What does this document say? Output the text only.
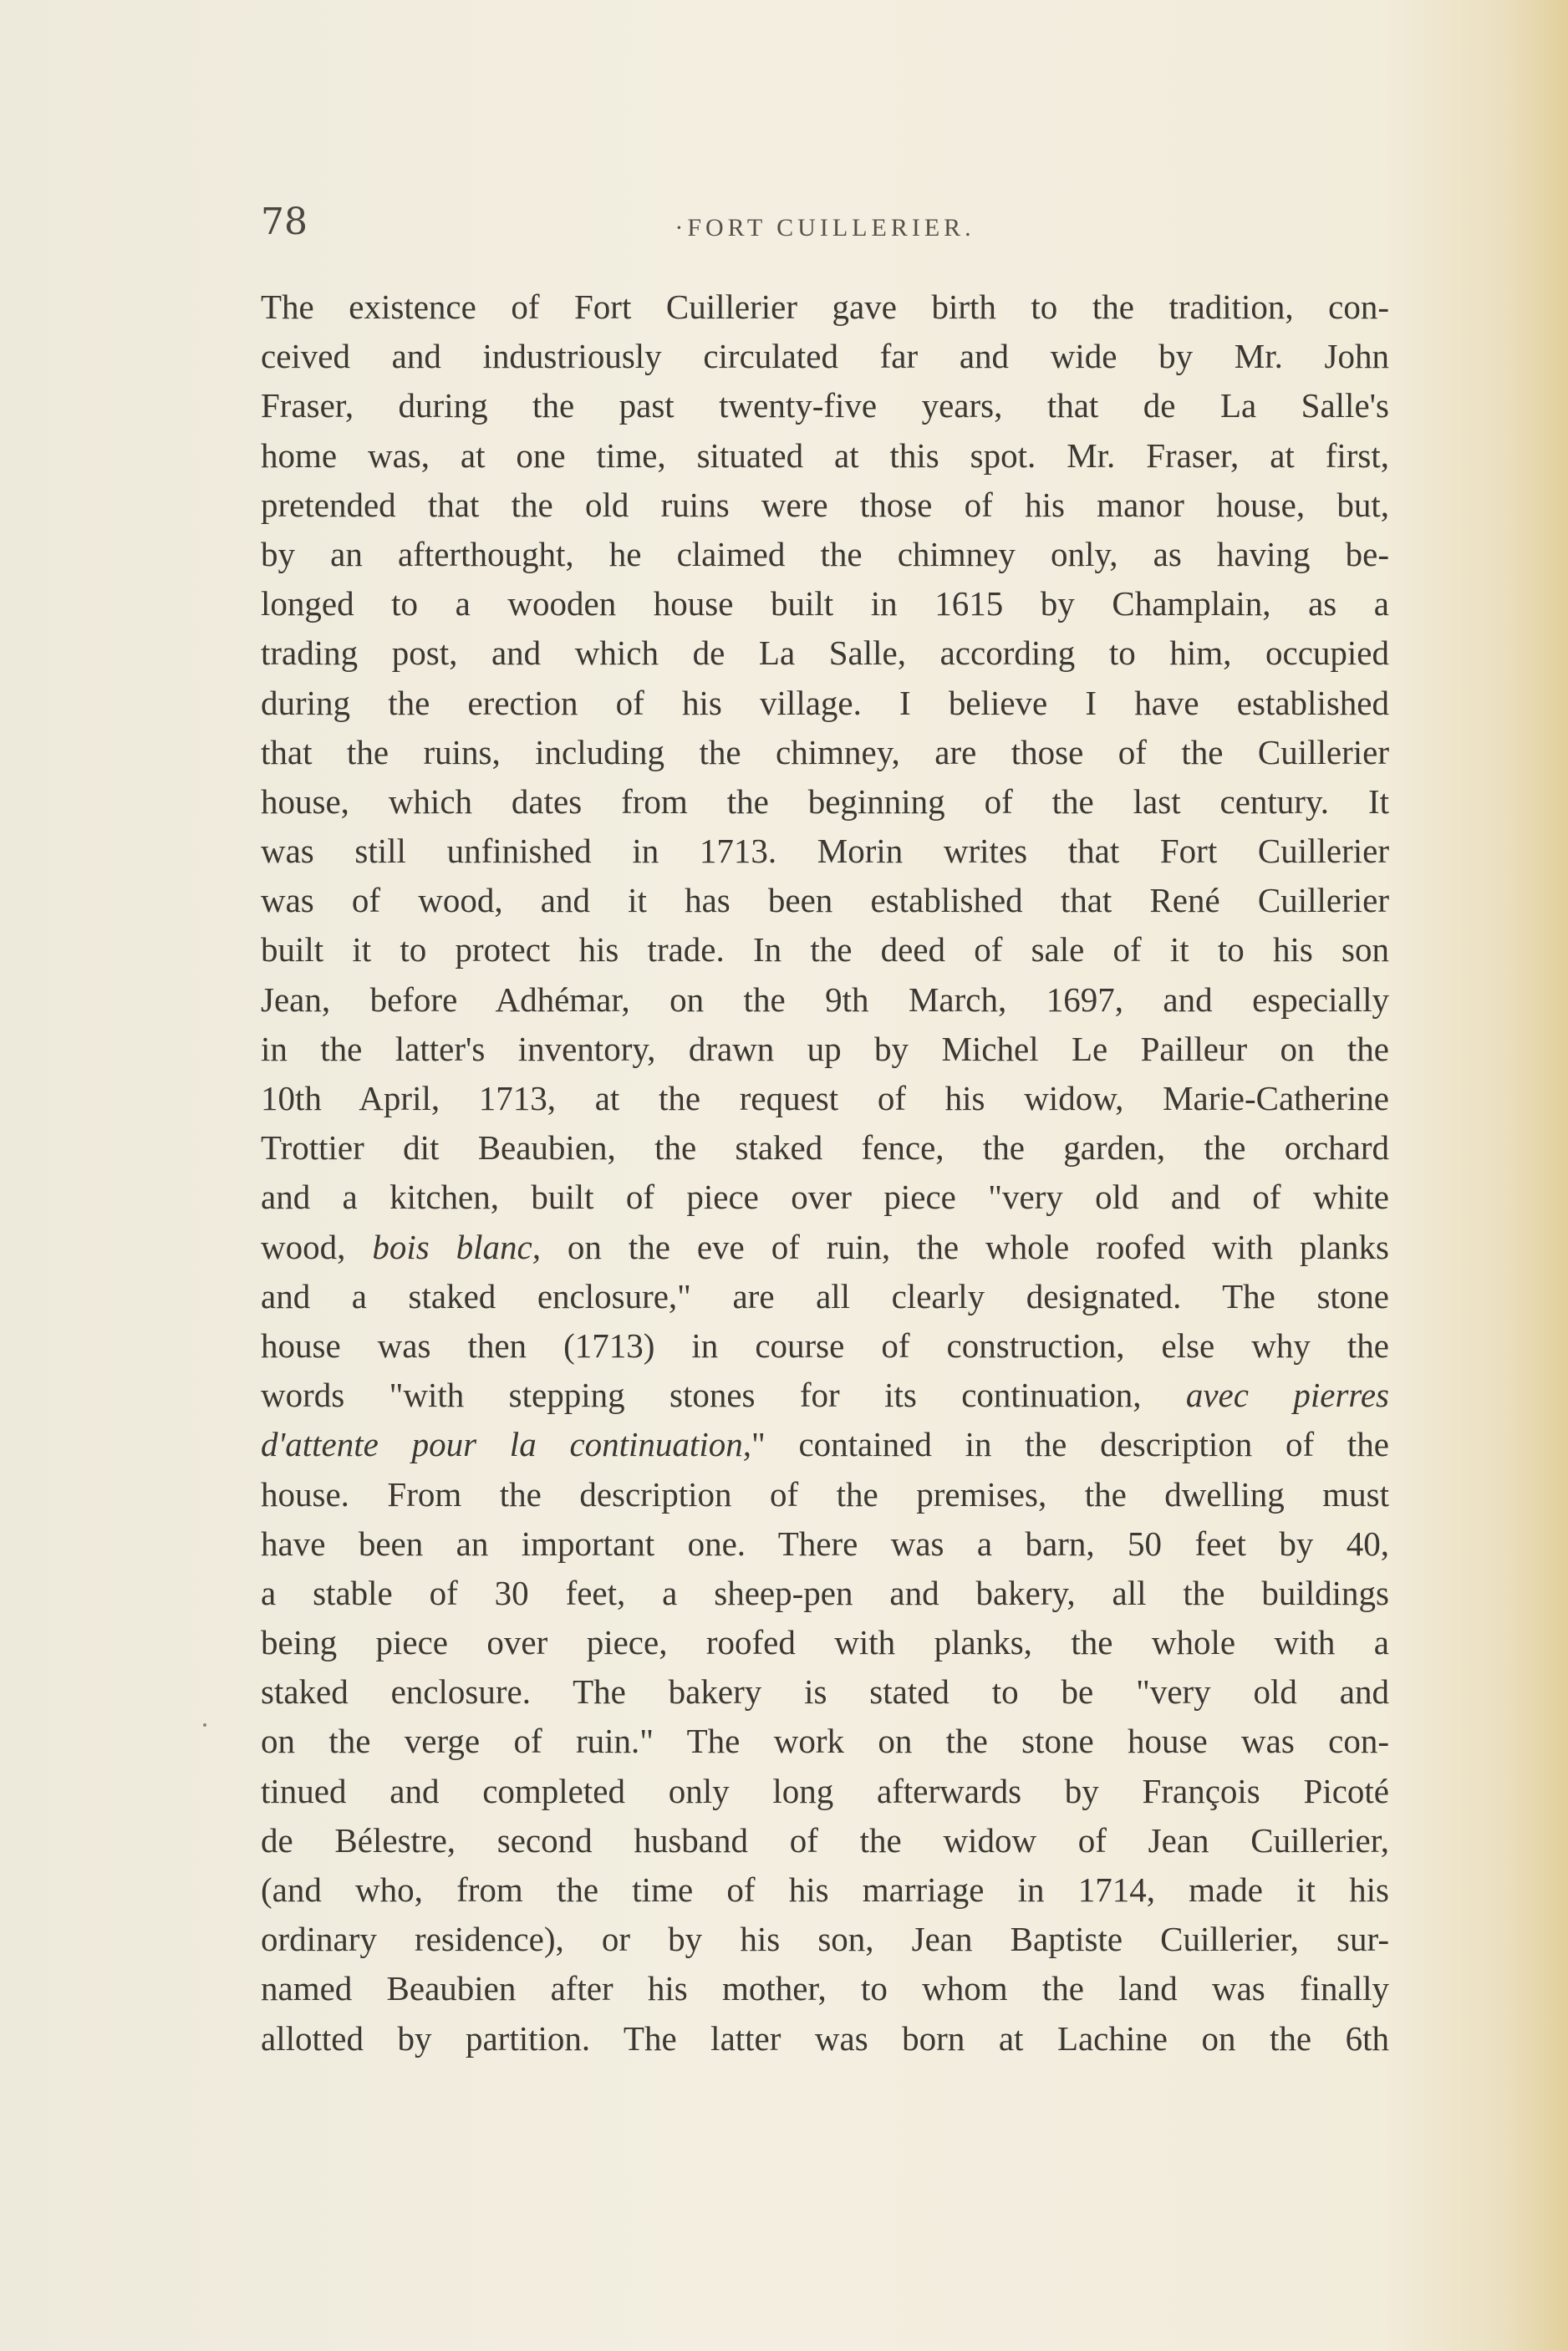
78	·FORT CUILLERIER.
The existence of Fort Cuillerier gave birth to the tradition, con-
ceived and industriously circulated far and wide by Mr. John
Fraser, during the past twenty-five years, that de La Salle's
home was, at one time, situated at this spot. Mr. Fraser, at first,
pretended that the old ruins were those of his manor house, but,
by an afterthought, he claimed the chimney only, as having be-
longed to a wooden house built in 1615 by Champlain, as a
trading post, and which de La Salle, according to him, occupied
during the erection of his village. I believe I have established
that the ruins, including the chimney, are those of the Cuillerier
house, which dates from the beginning of the last century. It
was still unfinished in 1713. Morin writes that Fort Cuillerier
was of wood, and it has been established that René Cuillerier
built it to protect his trade. In the deed of sale of it to his son
Jean, before Adhémar, on the 9th March, 1697, and especially
in the latter's inventory, drawn up by Michel Le Pailleur on the
10th April, 1713, at the request of his widow, Marie-Catherine
Trottier dit Beaubien, the staked fence, the garden, the orchard
and a kitchen, built of piece over piece "very old and of white
wood, bois blanc, on the eve of ruin, the whole roofed with planks
and a staked enclosure," are all clearly designated. The stone
house was then (1713) in course of construction, else why the
words "with stepping stones for its continuation, avec pierres
d'attente pour la continuation," contained in the description of the
house. From the description of the premises, the dwelling must
have been an important one. There was a barn, 50 feet by 40,
a stable of 30 feet, a sheep-pen and bakery, all the buildings
being piece over piece, roofed with planks, the whole with a
staked enclosure. The bakery is stated to be "very old and
on the verge of ruin." The work on the stone house was con-
tinued and completed only long afterwards by François Picoté
de Bélestre, second husband of the widow of Jean Cuillerier,
(and who, from the time of his marriage in 1714, made it his
ordinary residence), or by his son, Jean Baptiste Cuillerier, sur-
named Beaubien after his mother, to whom the land was finally
allotted by partition. The latter was born at Lachine on the 6th
